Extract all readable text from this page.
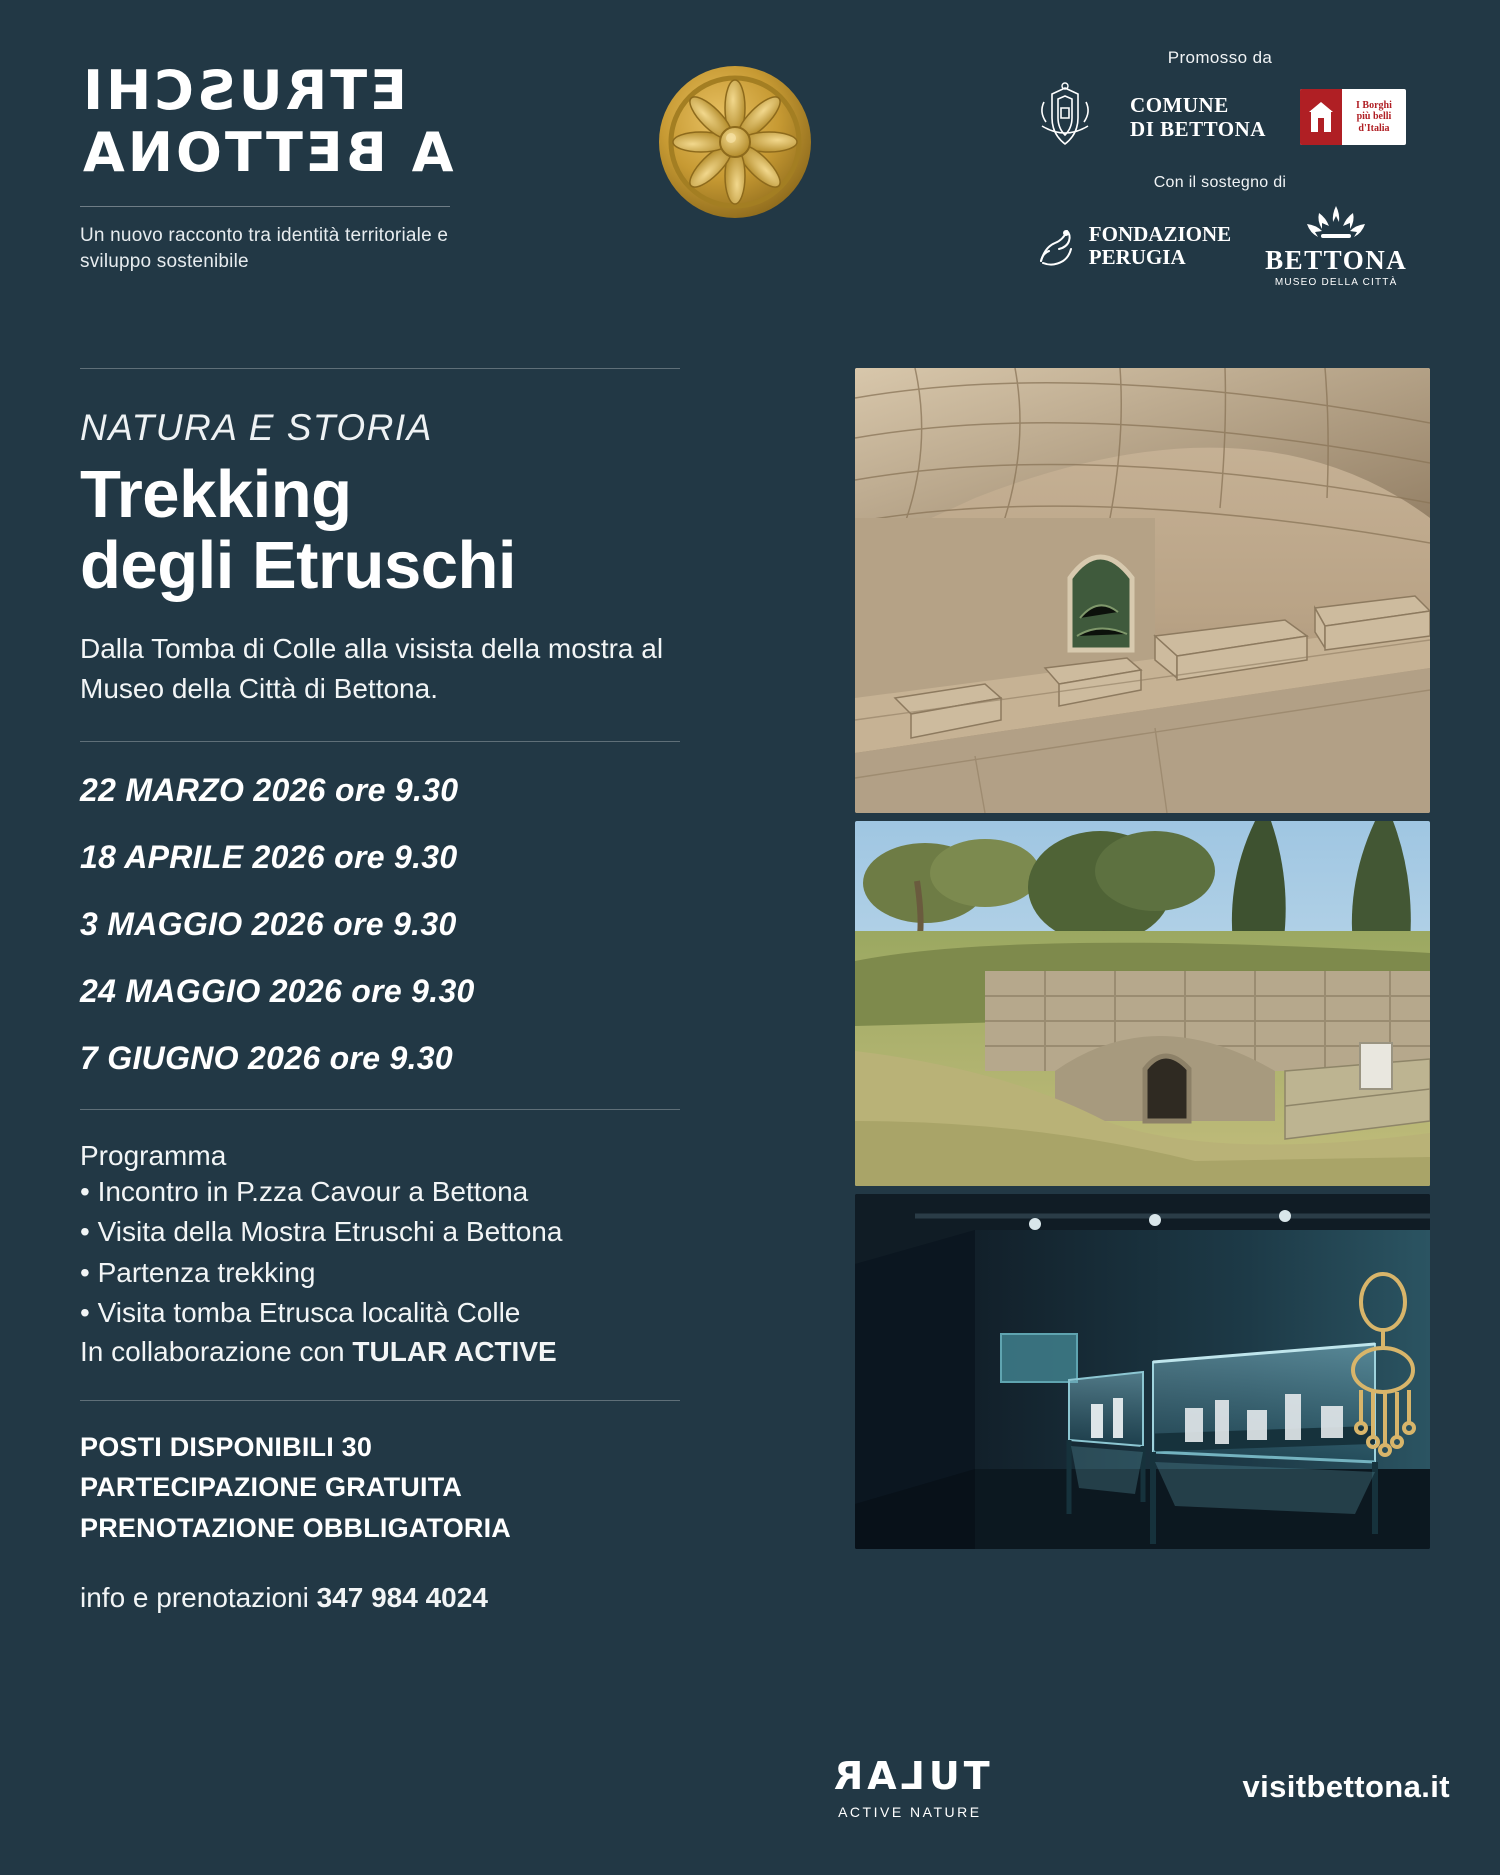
ETRUSCHI
A BETTONA
Un nuovo racconto tra identità territoriale e sviluppo sostenibile
Promosso da
COMUNE
DI BETTONA
I Borghi
più belli
d'Italia
Con il sostegno di
FONDAZIONE
PERUGIA	BETTONA
MUSEO DELLA CITTÀ
NATURA E STORIA
Trekking
degli Etruschi
Dalla Tomba di Colle alla visista della mostra al Museo della Città di Bettona.
22 MARZO 2026 ore 9.30
18 APRILE 2026 ore 9.30
3 MAGGIO 2026 ore 9.30
24 MAGGIO 2026 ore 9.30
7 GIUGNO 2026 ore 9.30
Programma
• Incontro in P.zza Cavour a Bettona
• Visita della Mostra Etruschi a Bettona
• Partenza trekking
• Visita tomba Etrusca località Colle
In collaborazione con TULAR ACTIVE
POSTI DISPONIBILI 30
PARTECIPAZIONE GRATUITA
PRENOTAZIONE OBBLIGATORIA
info e prenotazioni 347 984 4024
TULAR
ACTIVE NATURE
visitbettona.it
